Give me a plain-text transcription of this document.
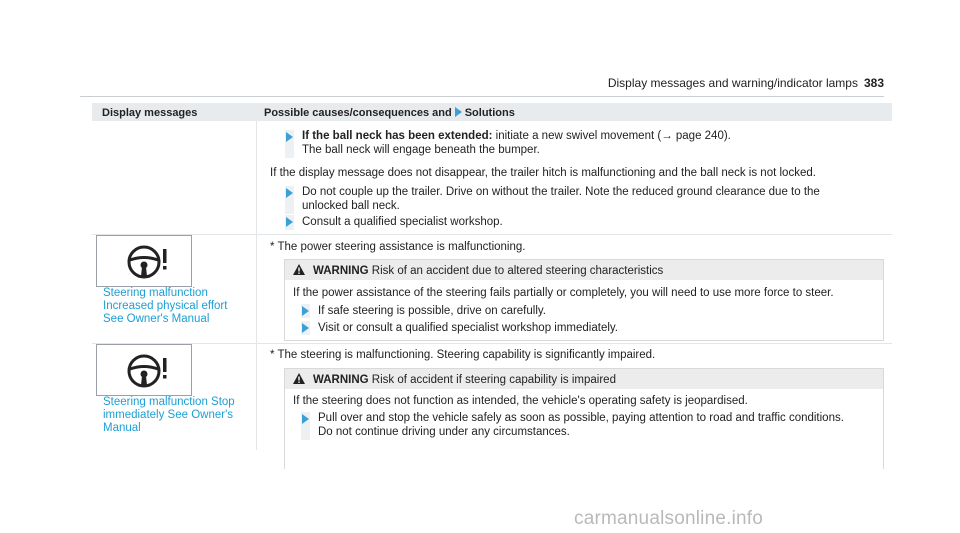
Display messages and warning/indicator lamps 383
Display messages	Possible causes/consequences and Solutions
If the ball neck has been extended: initiate a new swivel movement (→ page 240).
The ball neck will engage beneath the bumper.
If the display message does not disappear, the trailer hitch is malfunctioning and the ball neck is not locked.
Do not couple up the trailer. Drive on without the trailer. Note the reduced ground clearance due to the
unlocked ball neck.
Consult a qualified specialist workshop.
Steering malfunction
Increased physical effort
See Owner's Manual
* The power steering assistance is malfunctioning.
WARNING Risk of an accident due to altered steering characteristics
If the power assistance of the steering fails partially or completely, you will need to use more force to steer.
If safe steering is possible, drive on carefully.
Visit or consult a qualified specialist workshop immediately.
Steering malfunction Stop
immediately See Owner's
Manual
* The steering is malfunctioning. Steering capability is significantly impaired.
WARNING Risk of accident if steering capability is impaired
If the steering does not function as intended, the vehicle's operating safety is jeopardised.
Pull over and stop the vehicle safely as soon as possible, paying attention to road and traffic conditions.
Do not continue driving under any circumstances.
carmanualsonline.info
